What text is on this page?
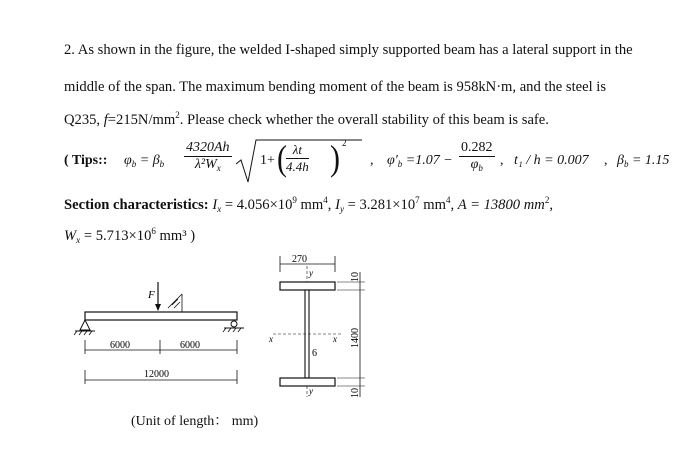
2. As shown in the figure, the welded I-shaped simply supported beam has a lateral support in the
middle of the span. The maximum bending moment of the beam is 958kN·m, and the steel is
Q235, $f=215N/mm^2$. Please check whether the overall stability of this beam is safe.
( Tips:: $\varphi_b = \beta_b \frac{4320Ah}{\lambda^2W_x} 1+$ ( $\frac{\lambda t}{4.4h}$ ) 2
, $\varphi'_b =1.07 - \frac{0.282}{\varphi_b}$ , t₁ / h = 0.007 , $\beta_b = 1.15$
Section characteristics: $I_x = 4.056\times 10^9$ $mm^4$, $I_y = 3.281\times 10^7$ $mm^4$, A = 13800 $mm^2$,
$W_x = 5.713\times 10^6$ mm³ )
F
6000	6000
12000
(Unit of length： mm)
270
y
y
x	x
6
10
1400
10
